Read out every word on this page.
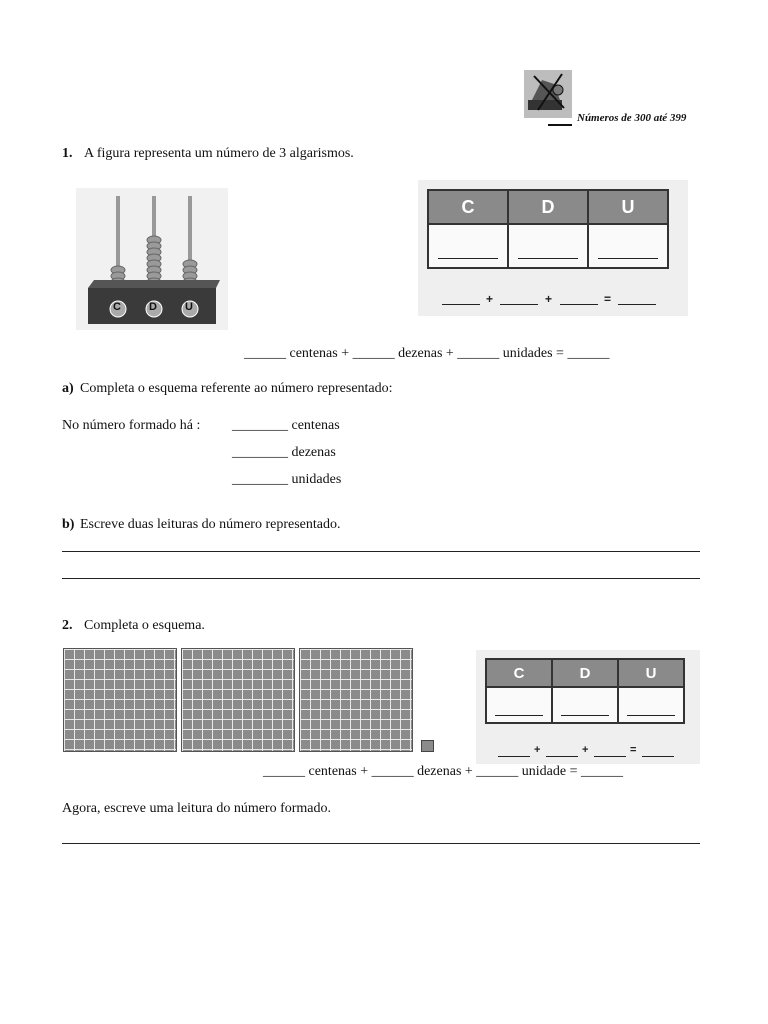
Números de 300 até 399
1. A figura representa um número de 3 algarismos.
C	D	U
C	D	U
+	+	=
______ centenas + ______ dezenas + ______ unidades = ______
a) Completa o esquema referente ao número representado:
No número formado há : ________ centenas
________ dezenas
________ unidades
b) Escreve duas leituras do número representado.
2. Completa o esquema.
C	D	U
+	+	=
______ centenas + ______ dezenas + ______ unidade = ______
Agora, escreve uma leitura do número formado.
